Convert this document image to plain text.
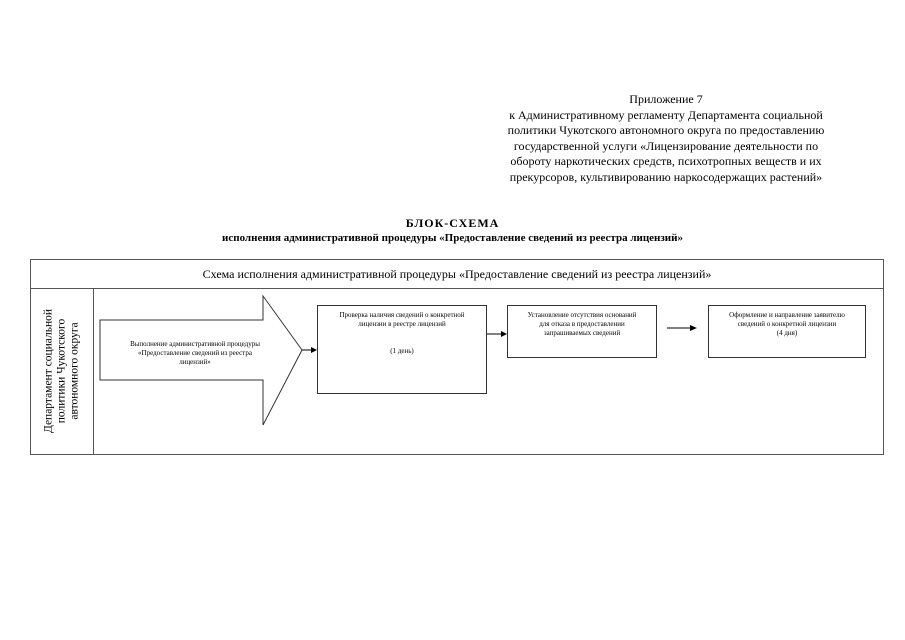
Приложение 7
к Административному регламенту Департамента социальной
политики Чукотского автономного округа по предоставлению
государственной услуги «Лицензирование деятельности по
обороту наркотических средств, психотропных веществ и их
прекурсоров, культивированию наркосодержащих растений»
БЛОК-СХЕМА
исполнения административной процедуры «Предоставление сведений из реестра лицензий»
Схема исполнения административной процедуры «Предоставление сведений из реестра лицензий»
Департамент социальной политики Чукотского автономного округа	Выполнение административной процедуры
«Предоставление сведений из реестра
лицензий»
Проверка наличия сведений о конкретной
лицензии в реестре лицензий
(1 день)
Установление отсутствия оснований
для отказа в предоставлении
запрашиваемых сведений
Оформление и направление заявителю
сведений о конкретной лицензии
(4 дня)
